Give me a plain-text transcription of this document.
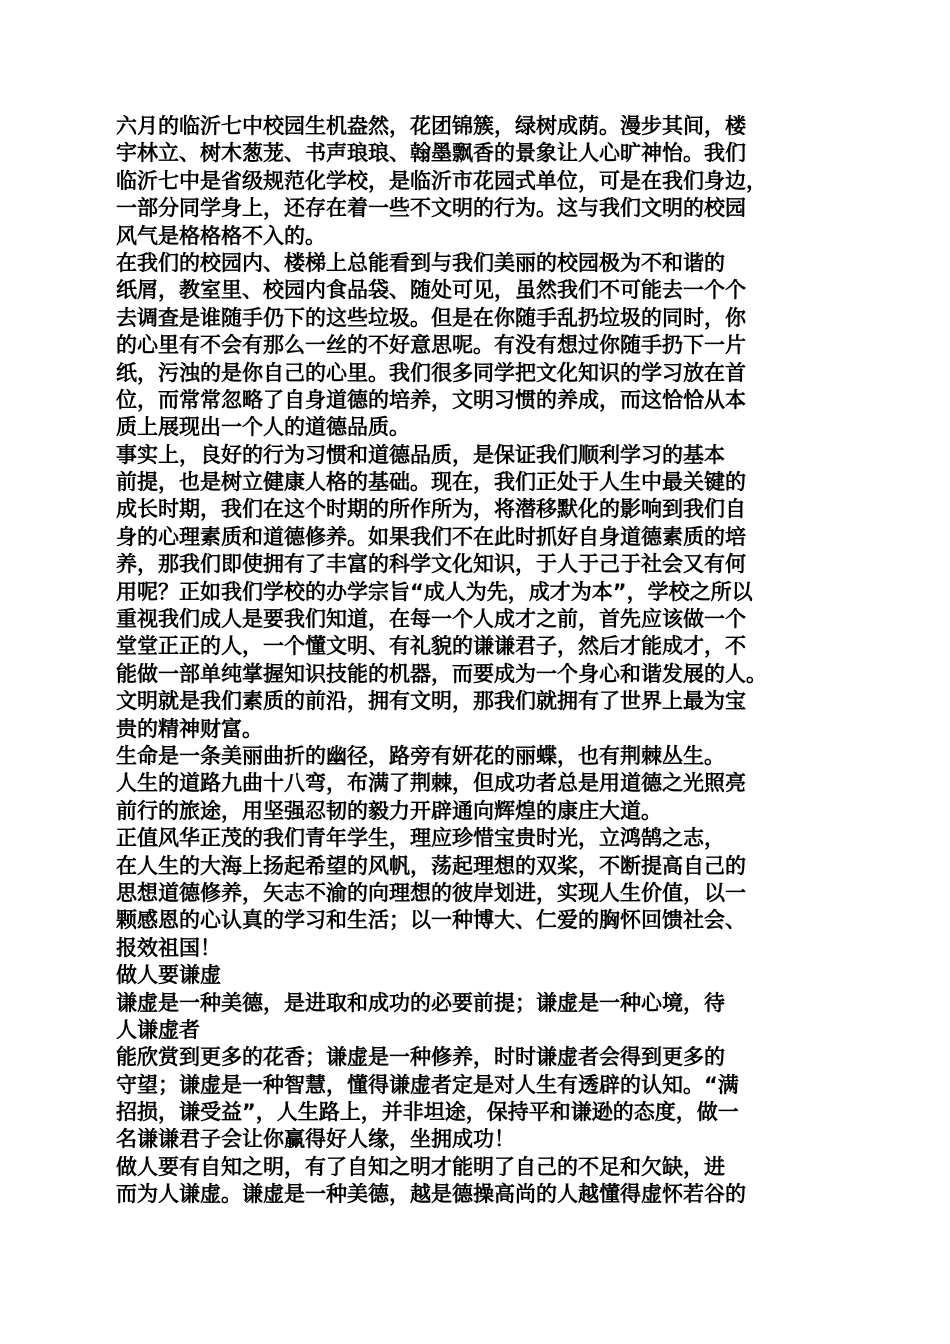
六月的临沂七中校园生机盎然，花团锦簇，绿树成荫。漫步其间，楼
宇林立、树木葱茏、书声琅琅、翰墨飘香的景象让人心旷神怡。我们
临沂七中是省级规范化学校，是临沂市花园式单位，可是在我们身边，
一部分同学身上，还存在着一些不文明的行为。这与我们文明的校园
风气是格格格不入的。
在我们的校园内、楼梯上总能看到与我们美丽的校园极为不和谐的
纸屑，教室里、校园内食品袋、随处可见，虽然我们不可能去一个个
去调查是谁随手仍下的这些垃圾。但是在你随手乱扔垃圾的同时，你
的心里有不会有那么一丝的不好意思呢。有没有想过你随手扔下一片
纸，污浊的是你自己的心里。我们很多同学把文化知识的学习放在首
位，而常常忽略了自身道德的培养，文明习惯的养成，而这恰恰从本
质上展现出一个人的道德品质。
事实上，良好的行为习惯和道德品质，是保证我们顺利学习的基本
前提，也是树立健康人格的基础。现在，我们正处于人生中最关键的
成长时期，我们在这个时期的所作所为，将潜移默化的影响到我们自
身的心理素质和道德修养。如果我们不在此时抓好自身道德素质的培
养，那我们即使拥有了丰富的科学文化知识，于人于己于社会又有何
用呢？正如我们学校的办学宗旨“成人为先，成才为本”，学校之所以
重视我们成人是要我们知道，在每一个人成才之前，首先应该做一个
堂堂正正的人，一个懂文明、有礼貌的谦谦君子，然后才能成才，不
能做一部单纯掌握知识技能的机器，而要成为一个身心和谐发展的人。
文明就是我们素质的前沿，拥有文明，那我们就拥有了世界上最为宝
贵的精神财富。
生命是一条美丽曲折的幽径，路旁有妍花的丽蝶，也有荆棘丛生。
人生的道路九曲十八弯，布满了荆棘，但成功者总是用道德之光照亮
前行的旅途，用坚强忍韧的毅力开辟通向辉煌的康庄大道。
正值风华正茂的我们青年学生，理应珍惜宝贵时光，立鸿鹄之志，
在人生的大海上扬起希望的风帆，荡起理想的双桨，不断提高自己的
思想道德修养，矢志不渝的向理想的彼岸划进，实现人生价值，以一
颗感恩的心认真的学习和生活；以一种博大、仁爱的胸怀回馈社会、
报效祖国！
做人要谦虚
谦虚是一种美德，是进取和成功的必要前提；谦虚是一种心境，待
人谦虚者
能欣赏到更多的花香；谦虚是一种修养，时时谦虚者会得到更多的
守望；谦虚是一种智慧，懂得谦虚者定是对人生有透辟的认知。“满
招损，谦受益”，人生路上，并非坦途，保持平和谦逊的态度，做一
名谦谦君子会让你赢得好人缘，坐拥成功！
做人要有自知之明，有了自知之明才能明了自己的不足和欠缺，进
而为人谦虚。谦虚是一种美德，越是德操高尚的人越懂得虚怀若谷的
